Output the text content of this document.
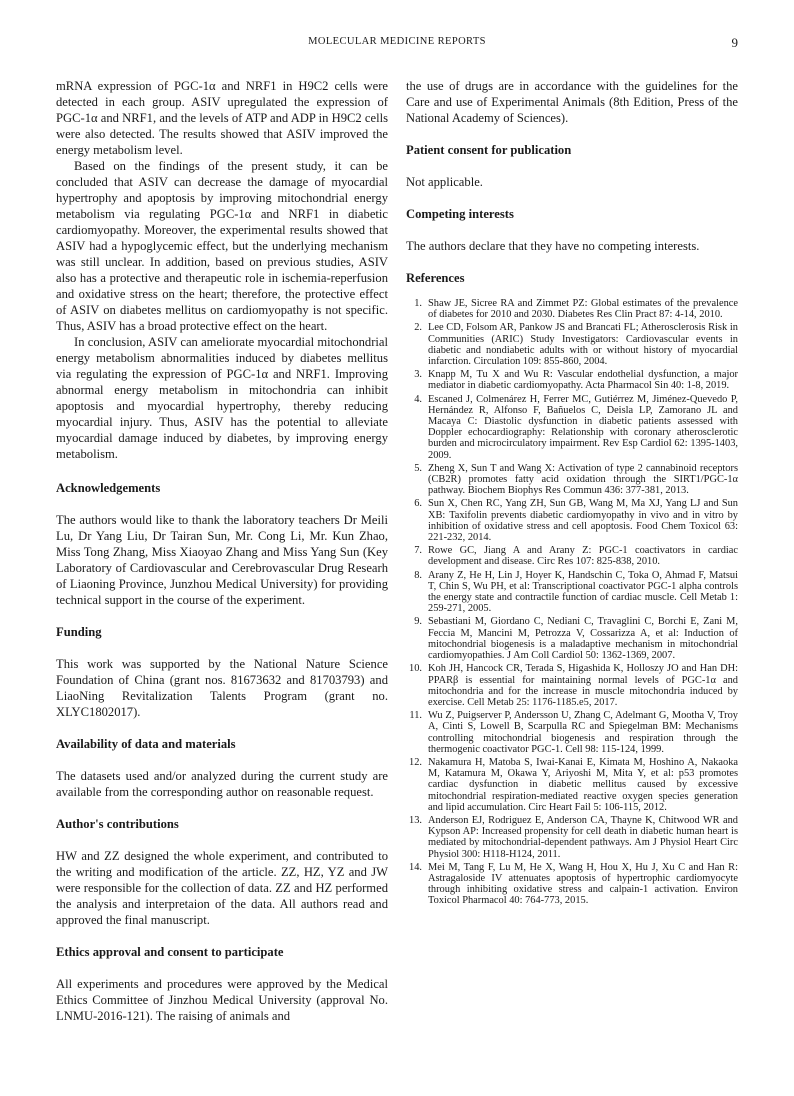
MOLECULAR MEDICINE REPORTS	9

mRNA expression of PGC-1α and NRF1 in H9C2 cells were detected in each group. ASIV upregulated the expression of PGC-1α and NRF1, and the levels of ATP and ADP in H9C2 cells were also detected. The results showed that ASIV improved the energy metabolism level.

Based on the findings of the present study, it can be concluded that ASIV can decrease the damage of myocardial hypertrophy and apoptosis by improving mitochondrial energy metabolism via regulating PGC-1α and NRF1 in diabetic cardiomyopathy. Moreover, the experimental results showed that ASIV had a hypoglycemic effect, but the underlying mechanism was still unclear. In addition, based on previous studies, ASIV also has a protective and therapeutic role in ischemia-reperfusion and oxidative stress on the heart; therefore, the protective effect of ASIV on diabetes mellitus on cardiomyopathy is not specific. Thus, ASIV has a broad protective effect on the heart.

In conclusion, ASIV can ameliorate myocardial mitochondrial energy metabolism abnormalities induced by diabetes mellitus via regulating the expression of PGC-1α and NRF1. Improving abnormal energy metabolism in mitochondria can inhibit apoptosis and myocardial hypertrophy, thereby reducing myocardial injury. Thus, ASIV has the potential to alleviate myocardial damage induced by diabetes, by improving energy metabolism.

Acknowledgements

The authors would like to thank the laboratory teachers Dr Meili Lu, Dr Yang Liu, Dr Tairan Sun, Mr. Cong Li, Mr. Kun Zhao, Miss Tong Zhang, Miss Xiaoyao Zhang and Miss Yang Sun (Key Laboratory of Cardiovascular and Cerebrovascular Drug Researh of Liaoning Province, Junzhou Medical University) for providing technical support in the course of the experiment.

Funding

This work was supported by the National Nature Science Foundation of China (grant nos. 81673632 and 81703793) and LiaoNing Revitalization Talents Program (grant no. XLYC1802017).

Availability of data and materials

The datasets used and/or analyzed during the current study are available from the corresponding author on reasonable request.

Author's contributions

HW and ZZ designed the whole experiment, and contributed to the writing and modification of the article. ZZ, HZ, YZ and JW were responsible for the collection of data. ZZ and HZ performed the analysis and interpretaion of the data. All authors read and approved the final manuscript.

Ethics approval and consent to participate

All experiments and procedures were approved by the Medical Ethics Committee of Jinzhou Medical University (approval No. LNMU-2016-121). The raising of animals and

the use of drugs are in accordance with the guidelines for the Care and use of Experimental Animals (8th Edition, Press of the National Academy of Sciences).

Patient consent for publication

Not applicable.

Competing interests

The authors declare that they have no competing interests.

References
1. Shaw JE, Sicree RA and Zimmet PZ: Global estimates of the prevalence of diabetes for 2010 and 2030. Diabetes Res Clin Pract 87: 4-14, 2010.
2. Lee CD, Folsom AR, Pankow JS and Brancati FL; Atherosclerosis Risk in Communities (ARIC) Study Investigators: Cardiovascular events in diabetic and nondiabetic adults with or without history of myocardial infarction. Circulation 109: 855-860, 2004.
3. Knapp M, Tu X and Wu R: Vascular endothelial dysfunction, a major mediator in diabetic cardiomyopathy. Acta Pharmacol Sin 40: 1-8, 2019.
4. Escaned J, Colmenárez H, Ferrer MC, Gutiérrez M, Jiménez-Quevedo P, Hernández R, Alfonso F, Bañuelos C, Deisla LP, Zamorano JL and Macaya C: Diastolic dysfunction in diabetic patients assessed with Doppler echocardiography: Relationship with coronary atherosclerotic burden and microcirculatory impairment. Rev Esp Cardiol 62: 1395-1403, 2009.
5. Zheng X, Sun T and Wang X: Activation of type 2 cannabinoid receptors (CB2R) promotes fatty acid oxidation through the SIRT1/PGC-1α pathway. Biochem Biophys Res Commun 436: 377-381, 2013.
6. Sun X, Chen RC, Yang ZH, Sun GB, Wang M, Ma XJ, Yang LJ and Sun XB: Taxifolin prevents diabetic cardiomyopathy in vivo and in vitro by inhibition of oxidative stress and cell apoptosis. Food Chem Toxicol 63: 221-232, 2014.
7. Rowe GC, Jiang A and Arany Z: PGC-1 coactivators in cardiac development and disease. Circ Res 107: 825-838, 2010.
8. Arany Z, He H, Lin J, Hoyer K, Handschin C, Toka O, Ahmad F, Matsui T, Chin S, Wu PH, et al: Transcriptional coactivator PGC-1 alpha controls the energy state and contractile function of cardiac muscle. Cell Metab 1: 259-271, 2005.
9. Sebastiani M, Giordano C, Nediani C, Travaglini C, Borchi E, Zani M, Feccia M, Mancini M, Petrozza V, Cossarizza A, et al: Induction of mitochondrial biogenesis is a maladaptive mechanism in mitochondrial cardiomyopathies. J Am Coll Cardiol 50: 1362-1369, 2007.
10. Koh JH, Hancock CR, Terada S, Higashida K, Holloszy JO and Han DH: PPARβ is essential for maintaining normal levels of PGC-1α and mitochondria and for the increase in muscle mitochondria induced by exercise. Cell Metab 25: 1176-1185.e5, 2017.
11. Wu Z, Puigserver P, Andersson U, Zhang C, Adelmant G, Mootha V, Troy A, Cinti S, Lowell B, Scarpulla RC and Spiegelman BM: Mechanisms controlling mitochondrial biogenesis and respiration through the thermogenic coactivator PGC-1. Cell 98: 115-124, 1999.
12. Nakamura H, Matoba S, Iwai-Kanai E, Kimata M, Hoshino A, Nakaoka M, Katamura M, Okawa Y, Ariyoshi M, Mita Y, et al: p53 promotes cardiac dysfunction in diabetic mellitus caused by excessive mitochondrial respiration-mediated reactive oxygen species generation and lipid accumulation. Circ Heart Fail 5: 106-115, 2012.
13. Anderson EJ, Rodriguez E, Anderson CA, Thayne K, Chitwood WR and Kypson AP: Increased propensity for cell death in diabetic human heart is mediated by mitochondrial-dependent pathways. Am J Physiol Heart Circ Physiol 300: H118-H124, 2011.
14. Mei M, Tang F, Lu M, He X, Wang H, Hou X, Hu J, Xu C and Han R: Astragaloside IV attenuates apoptosis of hypertrophic cardiomyocyte through inhibiting oxidative stress and calpain-1 activation. Environ Toxicol Pharmacol 40: 764-773, 2015.
